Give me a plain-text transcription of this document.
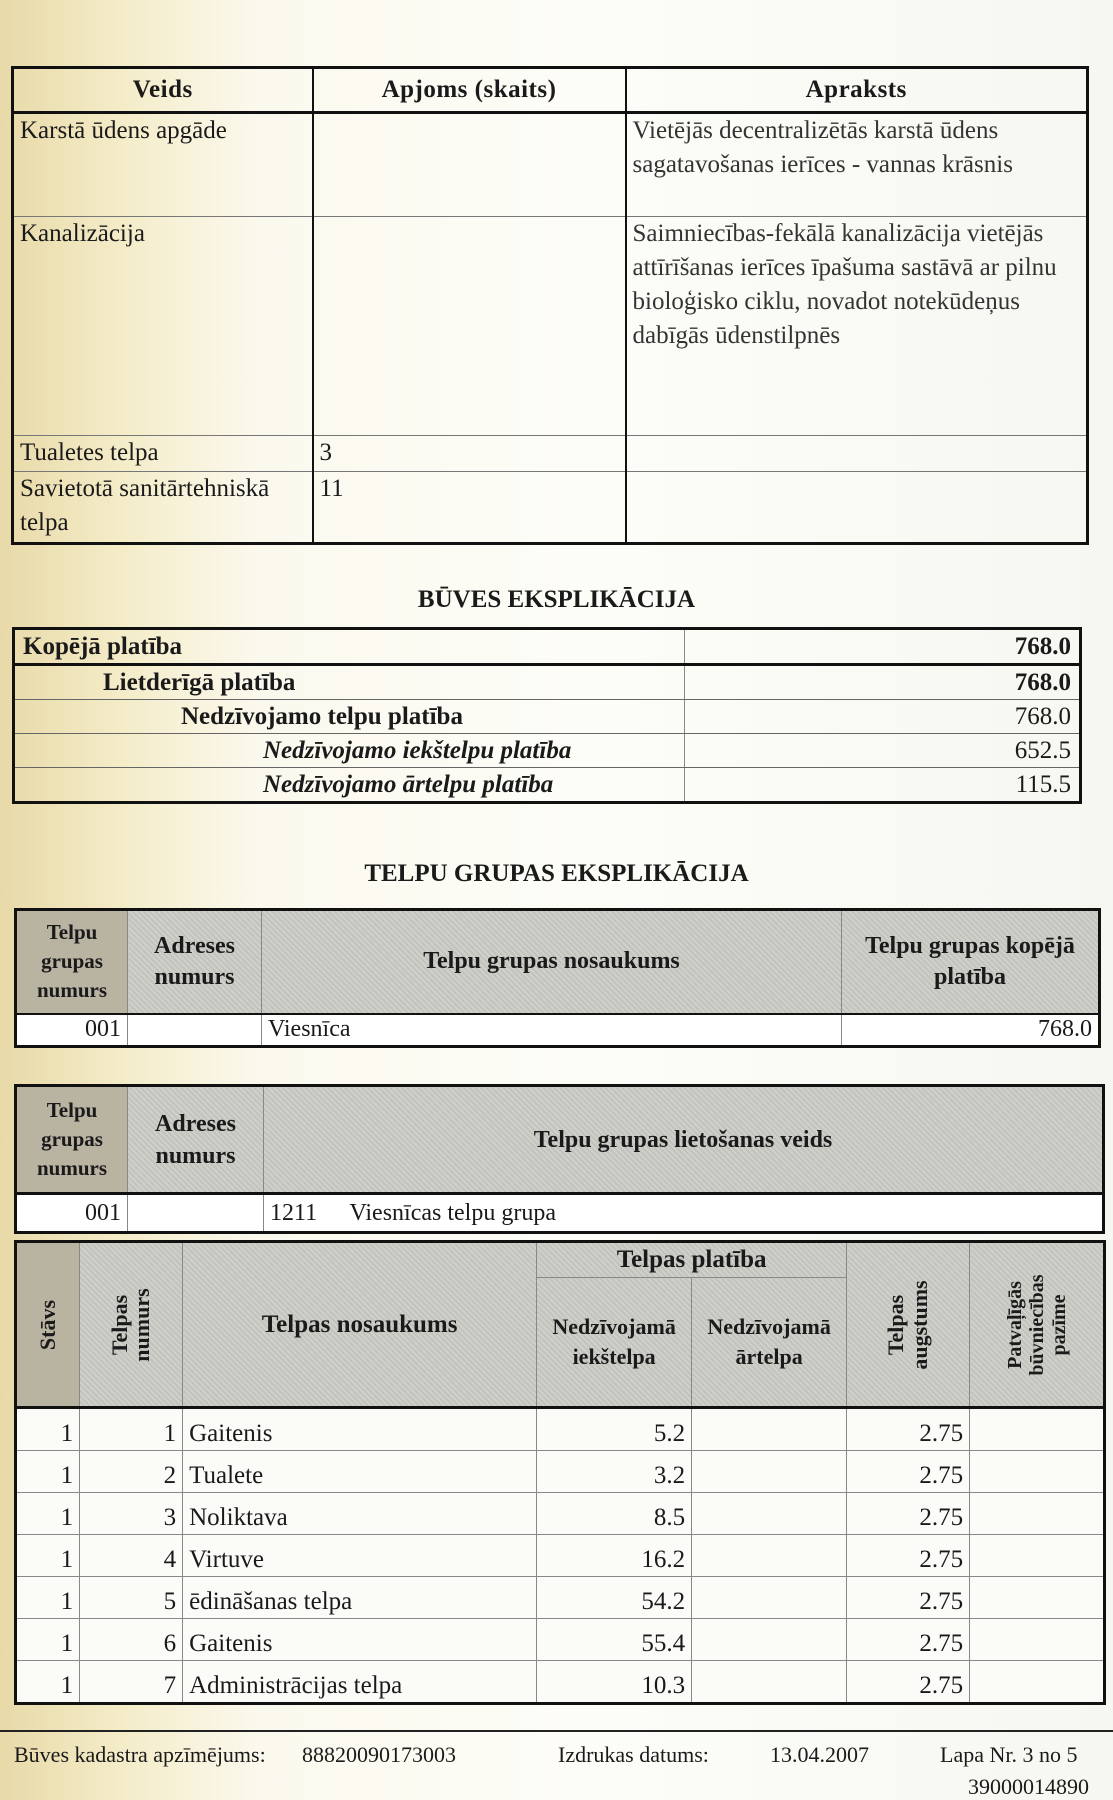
Veids	Apjoms (skaits)	Apraksts
Karstā ūdens apgāde		Vietējās decentralizētās karstā ūdens sagatavošanas ierīces - vannas krāsnis
Kanalizācija		Saimniecības-fekālā kanalizācija vietējās attīrīšanas ierīces īpašuma sastāvā ar pilnu bioloģisko ciklu, novadot notekūdeņus dabīgās ūdenstilpnēs
Tualetes telpa	3	
Savietotā sanitārtehniskā telpa	11	
BŪVES EKSPLIKĀCIJA
Kopējā platība	768.0
Lietderīgā platība	768.0
Nedzīvojamo telpu platība	768.0
Nedzīvojamo iekštelpu platība	652.5
Nedzīvojamo ārtelpu platība	115.5
TELPU GRUPAS EKSPLIKĀCIJA
Telpu grupas numurs	Adreses numurs	Telpu grupas nosaukums	Telpu grupas kopējā platība
001		Viesnīca	768.0
Telpu grupas numurs	Adreses numurs	Telpu grupas lietošanas veids	
001		1211	Viesnīcas telpu grupa
Stāvs	Telpas numurs	Telpas nosaukums	Telpas platība		Telpas augstums	Patvaļīgās būvniecības pazīme
			Nedzīvojamā iekštelpa	Nedzīvojamā ārtelpa		
1	1	Gaitenis	5.2		2.75	
1	2	Tualete	3.2		2.75	
1	3	Noliktava	8.5		2.75	
1	4	Virtuve	16.2		2.75	
1	5	ēdināšanas telpa	54.2		2.75	
1	6	Gaitenis	55.4		2.75	
1	7	Administrācijas telpa	10.3		2.75	
Būves kadastra apzīmējums: 88820090173003	Izdrukas datums:	13.04.2007	Lapa Nr. 3 no 5
39000014890
